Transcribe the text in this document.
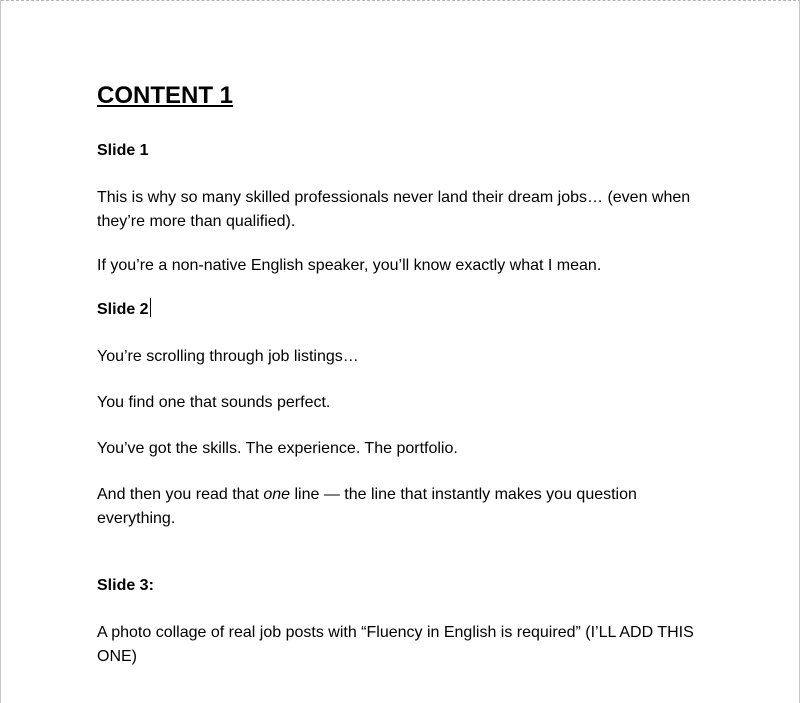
CONTENT 1
Slide 1
This is why so many skilled professionals never land their dream jobs… (even when they’re more than qualified).
If you’re a non-native English speaker, you’ll know exactly what I mean.
Slide 2
You’re scrolling through job listings…
You find one that sounds perfect.
You’ve got the skills. The experience. The portfolio.
And then you read that one line — the line that instantly makes you question everything.
Slide 3:
A photo collage of real job posts with “Fluency in English is required” (I’LL ADD THIS ONE)
